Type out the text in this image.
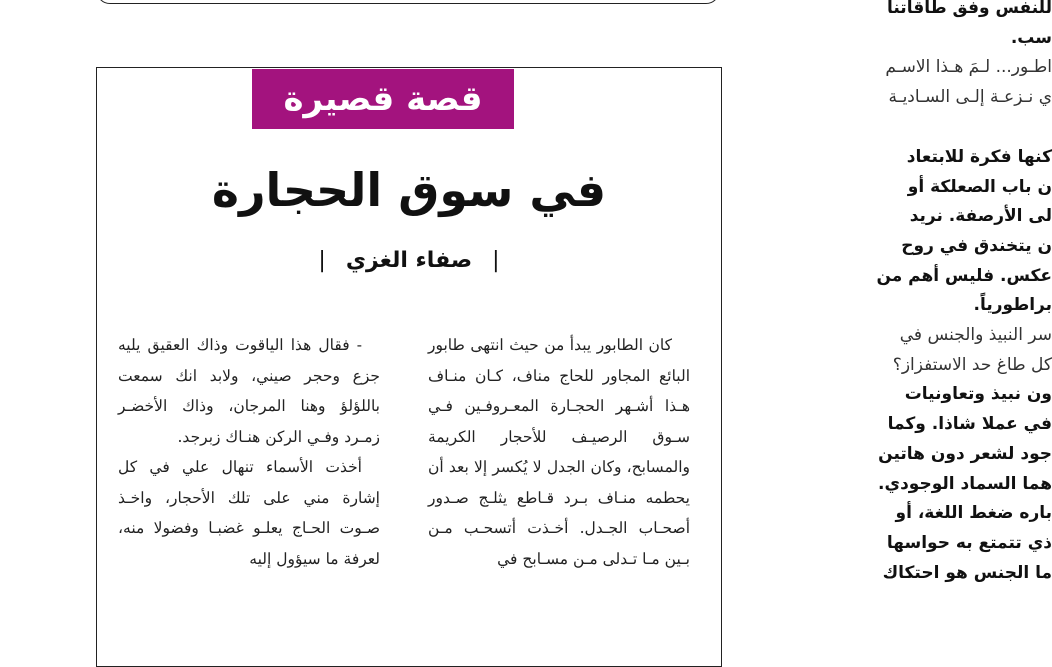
قصة قصيرة
في سوق الحجارة
|صفاء الغزي|

كان الطابور يبدأ من حيث انتهى طابور البائع المجاور للحاج مناف، كـان منـاف هـذا أشـهر الحجـارة المعـروفـين فـي سـوق الرصيـف للأحجار الكريمة والمسابح، وكان الجدل لا يُكسر إلا بعد أن يحطمه منـاف بـرد قـاطع يثلـج صـدور أصحـاب الجـدل. أخـذت أتسحـب مـن بـين مـا تـدلى مـن مسـابح في

- فقال هذا الياقوت وذاك العقيق يليه جزع وحجر صيني، ولابد انك سمعت باللؤلؤ وهنا المرجان، وذاك الأخضـر زمـرد وفـي الركن هنـاك زبرجد.

أخذت الأسماء تنهال علي في كل إشارة مني على تلك الأحجار، واخـذ صـوت الحـاج يعلـو غضبـا وفضولا منه، لعرفة ما سيؤول إليه

للنفس وفق طاقاتنا
سب.
اطـور... لـمَ هـذا الاسـم
ي نـزعـة إلـى السـاديـة
كنها فكرة للابتعاد
ن باب الصعلكة أو
لى الأرصفة. نريد
ن يتخندق في روح
عكس. فليس أهم من
براطورياً.
سر النبيذ والجنس في
كل طاغ حد الاستفزاز؟
ون نبيذ وتعاونيات
في عملا شاذا. وكما
جود لشعر دون هاتين
هما السماد الوجودي.
باره ضغط اللغة، أو
ذي تتمتع به حواسها
ما الجنس هو احتكاك
